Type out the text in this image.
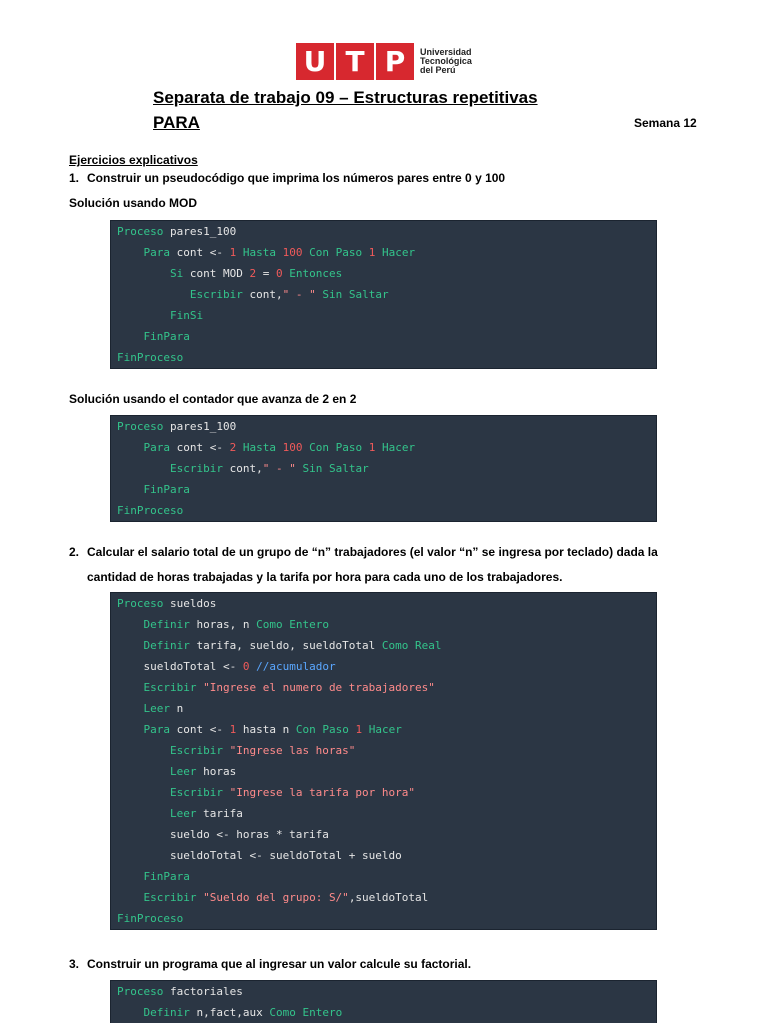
U T P	Universidad
Tecnológica
del Perú
Separata de trabajo 09 – Estructuras repetitivas
PARA	Semana 12
Ejercicios explicativos
1. Construir un pseudocódigo que imprima los números pares entre 0 y 100
Solución usando MOD
Proceso pares1_100
Para cont <- 1 Hasta 100 Con Paso 1 Hacer
Si cont MOD 2 = 0 Entonces
Escribir cont," - " Sin Saltar
FinSi
FinPara
FinProceso
Solución usando el contador que avanza de 2 en 2
Proceso pares1_100
Para cont <- 2 Hasta 100 Con Paso 1 Hacer
Escribir cont," - " Sin Saltar
FinPara
FinProceso
2. Calcular el salario total de un grupo de “n” trabajadores (el valor “n” se ingresa por teclado) dada la
cantidad de horas trabajadas y la tarifa por hora para cada uno de los trabajadores.
Proceso sueldos
Definir horas, n Como Entero
Definir tarifa, sueldo, sueldoTotal Como Real
sueldoTotal <- 0 //acumulador
Escribir "Ingrese el numero de trabajadores"
Leer n
Para cont <- 1 hasta n Con Paso 1 Hacer
Escribir "Ingrese las horas"
Leer horas
Escribir "Ingrese la tarifa por hora"
Leer tarifa
sueldo <- horas * tarifa
sueldoTotal <- sueldoTotal + sueldo
FinPara
Escribir "Sueldo del grupo: S/",sueldoTotal
FinProceso
3. Construir un programa que al ingresar un valor calcule su factorial.
Proceso factoriales
Definir n,fact,aux Como Entero
